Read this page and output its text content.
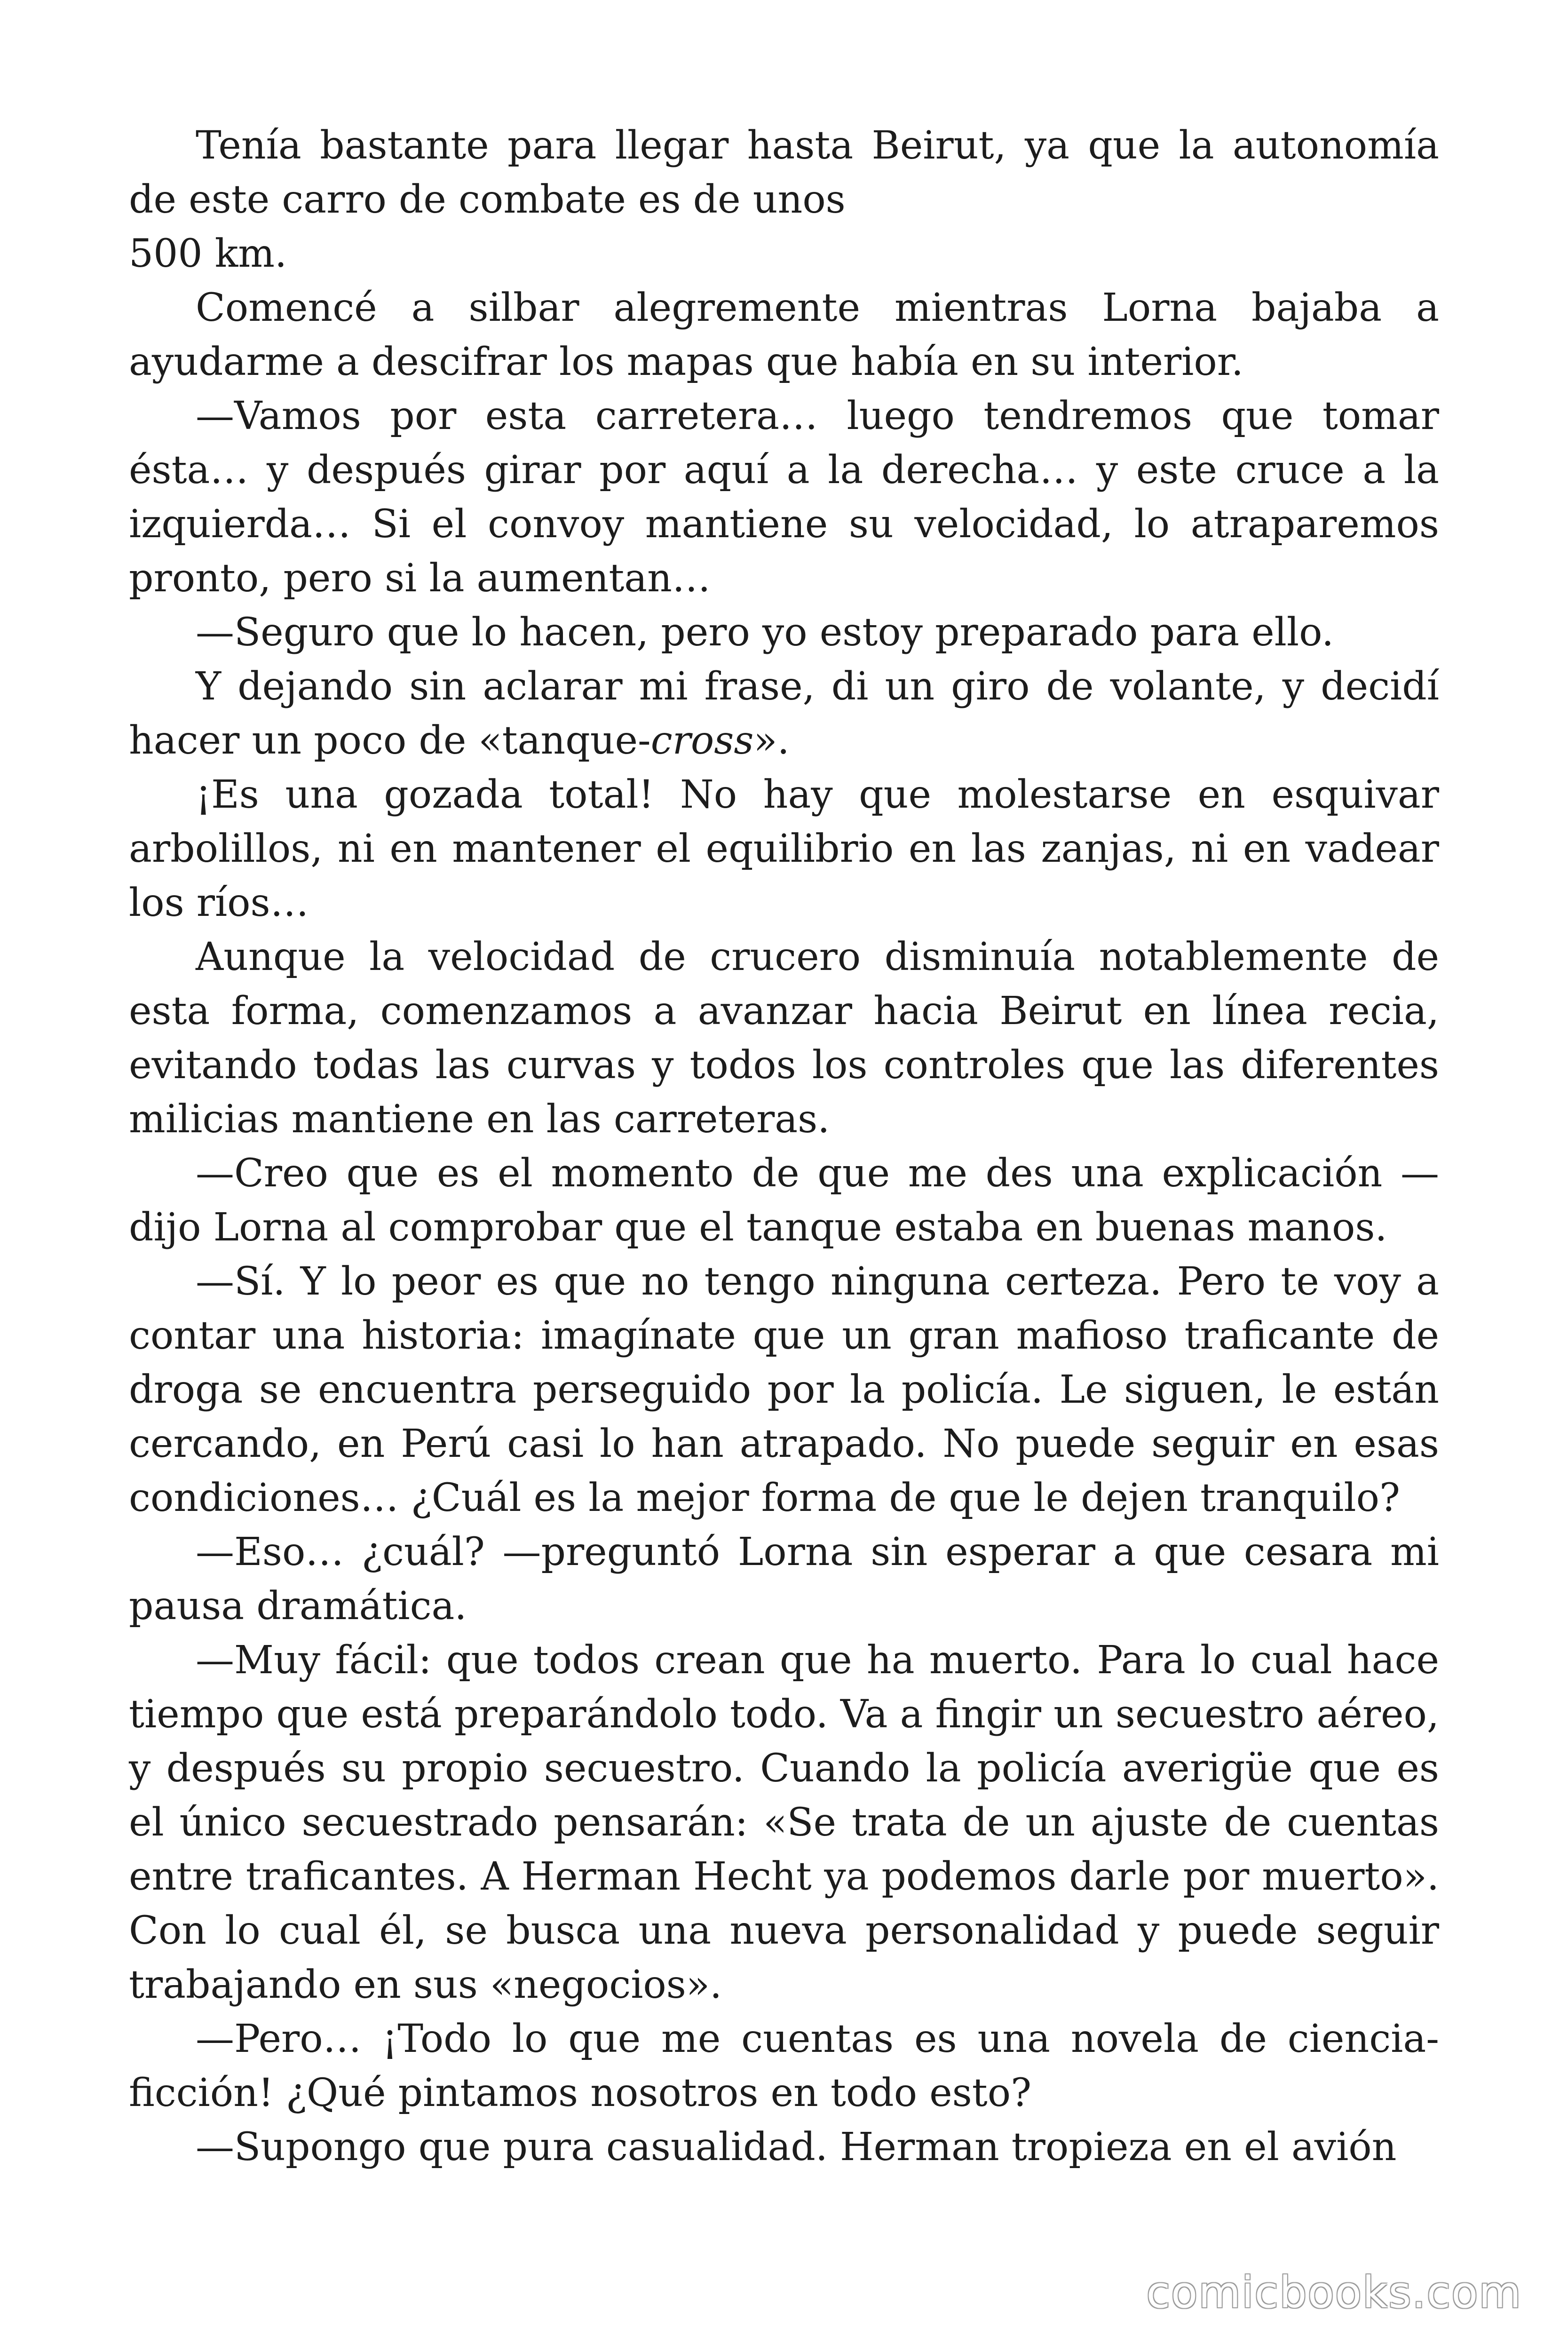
Tenía bastante para llegar hasta Beirut, ya que la autonomía de este carro de combate es de unos
500 km.

Comencé a silbar alegremente mientras Lorna bajaba a ayudarme a descifrar los mapas que había en su interior.

—Vamos por esta carretera… luego tendremos que tomar ésta… y después girar por aquí a la derecha… y este cruce a la izquierda… Si el convoy mantiene su velocidad, lo atraparemos pronto, pero si la aumentan…

—Seguro que lo hacen, pero yo estoy preparado para ello.

Y dejando sin aclarar mi frase, di un giro de volante, y decidí hacer un poco de «tanque-cross».

¡Es una gozada total! No hay que molestarse en esquivar arbolillos, ni en mantener el equilibrio en las zanjas, ni en vadear los ríos…

Aunque la velocidad de crucero disminuía notablemente de esta forma, comenzamos a avanzar hacia Beirut en línea recia, evitando todas las curvas y todos los controles que las diferentes milicias mantiene en las carreteras.

—Creo que es el momento de que me des una explicación —dijo Lorna al comprobar que el tanque estaba en buenas manos.

—Sí. Y lo peor es que no tengo ninguna certeza. Pero te voy a contar una historia: imagínate que un gran mafioso traficante de droga se encuentra perseguido por la policía. Le siguen, le están cercando, en Perú casi lo han atrapado. No puede seguir en esas condiciones… ¿Cuál es la mejor forma de que le dejen tranquilo?

—Eso… ¿cuál? —preguntó Lorna sin esperar a que cesara mi pausa dramática.

—Muy fácil: que todos crean que ha muerto. Para lo cual hace tiempo que está preparándolo todo. Va a fingir un secuestro aéreo, y después su propio secuestro. Cuando la policía averigüe que es el único secuestrado pensarán: «Se trata de un ajuste de cuentas entre traficantes. A Herman Hecht ya podemos darle por muerto». Con lo cual él, se busca una nueva personalidad y puede seguir trabajando en sus «negocios».

—Pero… ¡Todo lo que me cuentas es una novela de ciencia-ficción! ¿Qué pintamos nosotros en todo esto?

—Supongo que pura casualidad. Herman tropieza en el avión

comicbooks.com
